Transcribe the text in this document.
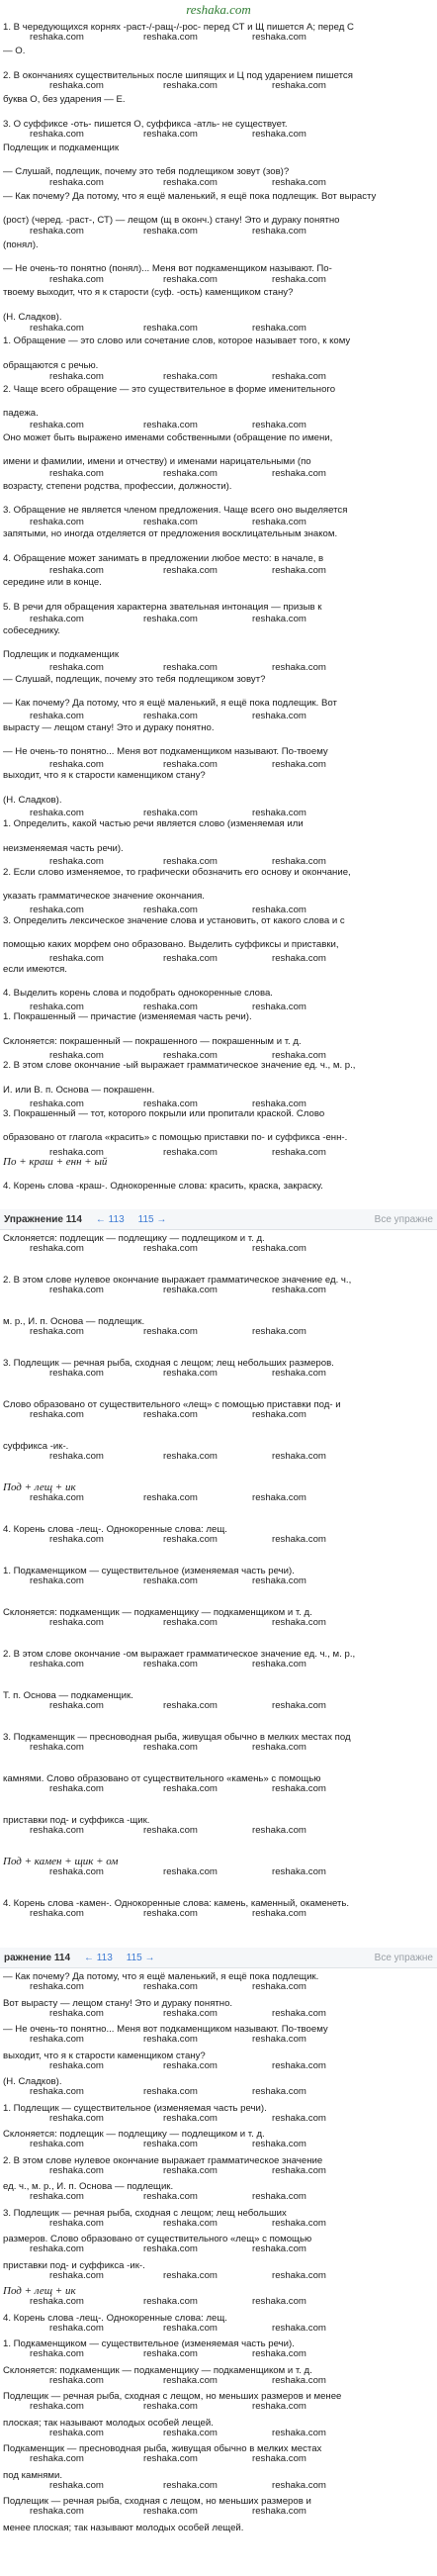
reshaka.com
1. В чередующихся корнях -раст-/-ращ-/-рос- перед СТ и Щ пишется А; перед С
— О.
2. В окончаниях существительных после шипящих и Ц под ударением пишется
буква О, без ударения — Е.
3. О суффиксе -оть- пишется О, суффикса -атль- не существует.
Подлещик и подкаменщик
— Слушай, подлещик, почему это тебя подлещиком зовут (зов)?
— Как почему? Да потому, что я ещё маленький, я ещё пока подлещик. Вот вырасту
(рост) (черед. -раст-, СТ) — лещом (щ в оконч.) стану! Это и дураку понятно
(понял).
— Не очень-то понятно (понял)... Меня вот подкаменщиком называют. По-
твоему выходит, что я к старости (суф. -ость) каменщиком стану?
(Н. Сладков).
1. Обращение — это слово или сочетание слов, которое называет того, к кому
обращаются с речью.
2. Чаще всего обращение — это существительное в форме именительного
падежа.
Оно может быть выражено именами собственными (обращение по имени,
имени и фамилии, имени и отчеству) и именами нарицательными (по
возрасту, степени родства, профессии, должности).
3. Обращение не является членом предложения. Чаще всего оно выделяется
запятыми, но иногда отделяется от предложения восклицательным знаком.
4. Обращение может занимать в предложении любое место: в начале, в
середине или в конце.
5. В речи для обращения характерна звательная интонация — призыв к
собеседнику.
Подлещик и подкаменщик
— Слушай, подлещик, почему это тебя подлещиком зовут?
— Как почему? Да потому, что я ещё маленький, я ещё пока подлещик. Вот
вырасту — лещом стану! Это и дураку понятно.
— Не очень-то понятно... Меня вот подкаменщиком называют. По-твоему
выходит, что я к старости каменщиком стану?
(Н. Сладков).
1. Определить, какой частью речи является слово (изменяемая или
неизменяемая часть речи).
2. Если слово изменяемое, то графически обозначить его основу и окончание,
указать грамматическое значение окончания.
3. Определить лексическое значение слова и установить, от какого слова и с
помощью каких морфем оно образовано. Выделить суффиксы и приставки,
если имеются.
4. Выделить корень слова и подобрать однокоренные слова.
1. Покрашенный — причастие (изменяемая часть речи).
Склоняется: покрашенный — покрашенного — покрашенным и т. д.
2. В этом слове окончание -ый выражает грамматическое значение ед. ч., м. р.,
И. или В. п. Основа — покрашенн.
3. Покрашенный — тот, которого покрыли или пропитали краской. Слово
образовано от глагола «красить» с помощью приставки по- и суффикса -енн-.
По + краш + енн + ый
4. Корень слова -краш-. Однокоренные слова: красить, краска, закраску.
reshaka.com	reshaka.com	reshaka.com
reshaka.com	reshaka.com	reshaka.com
reshaka.com	reshaka.com	reshaka.com
reshaka.com	reshaka.com	reshaka.com
reshaka.com	reshaka.com	reshaka.com
reshaka.com	reshaka.com	reshaka.com
reshaka.com	reshaka.com	reshaka.com
reshaka.com	reshaka.com	reshaka.com
reshaka.com	reshaka.com	reshaka.com
reshaka.com	reshaka.com	reshaka.com
reshaka.com	reshaka.com	reshaka.com
reshaka.com	reshaka.com	reshaka.com
reshaka.com	reshaka.com	reshaka.com
reshaka.com	reshaka.com	reshaka.com
reshaka.com	reshaka.com	reshaka.com
reshaka.com	reshaka.com	reshaka.com
reshaka.com	reshaka.com	reshaka.com
reshaka.com	reshaka.com	reshaka.com
reshaka.com	reshaka.com	reshaka.com
reshaka.com	reshaka.com	reshaka.com
reshaka.com	reshaka.com	reshaka.com
reshaka.com	reshaka.com	reshaka.com
reshaka.com	reshaka.com	reshaka.com
reshaka.com	reshaka.com	reshaka.com
Упражнение 114 ← 113 115 →	Все упражне
Склоняется: подлещик — подлещику — подлещиком и т. д.
2. В этом слове нулевое окончание выражает грамматическое значение ед. ч.,
м. р., И. п. Основа — подлещик.
3. Подлещик — речная рыба, сходная с лещом; лещ небольших размеров.
Слово образовано от существительного «лещ» с помощью приставки под- и
суффикса -ик-.
Под + лещ + ик
4. Корень слова -лещ-. Однокоренные слова: лещ.
1. Подкаменщиком — существительное (изменяемая часть речи).
Склоняется: подкаменщик — подкаменщику — подкаменщиком и т. д.
2. В этом слове окончание -ом выражает грамматическое значение ед. ч., м. р.,
Т. п. Основа — подкаменщик.
3. Подкаменщик — пресноводная рыба, живущая обычно в мелких местах под
камнями. Слово образовано от существительного «камень» с помощью
приставки под- и суффикса -щик.
Под + камен + щик + ом
4. Корень слова -камен-. Однокоренные слова: камень, каменный, окаменеть.
reshaka.com	reshaka.com	reshaka.com
reshaka.com	reshaka.com	reshaka.com
reshaka.com	reshaka.com	reshaka.com
reshaka.com	reshaka.com	reshaka.com
reshaka.com	reshaka.com	reshaka.com
reshaka.com	reshaka.com	reshaka.com
reshaka.com	reshaka.com	reshaka.com
reshaka.com	reshaka.com	reshaka.com
reshaka.com	reshaka.com	reshaka.com
reshaka.com	reshaka.com	reshaka.com
reshaka.com	reshaka.com	reshaka.com
reshaka.com	reshaka.com	reshaka.com
reshaka.com	reshaka.com	reshaka.com
reshaka.com	reshaka.com	reshaka.com
reshaka.com	reshaka.com	reshaka.com
reshaka.com	reshaka.com	reshaka.com
reshaka.com	reshaka.com	reshaka.com
ражнение 114 ← 113 115 →	Все упражне
— Как почему? Да потому, что я ещё маленький, я ещё пока подлещик.
Вот вырасту — лещом стану! Это и дураку понятно.
— Не очень-то понятно... Меня вот подкаменщиком называют. По-твоему
выходит, что я к старости каменщиком стану?
(Н. Сладков).
1. Подлещик — существительное (изменяемая часть речи).
Склоняется: подлещик — подлещику — подлещиком и т. д.
2. В этом слове нулевое окончание выражает грамматическое значение
ед. ч., м. р., И. п. Основа — подлещик.
3. Подлещик — речная рыба, сходная с лещом; лещ небольших
размеров. Слово образовано от существительного «лещ» с помощью
приставки под- и суффикса -ик-.
Под + лещ + ик
4. Корень слова -лещ-. Однокоренные слова: лещ.
1. Подкаменщиком — существительное (изменяемая часть речи).
Склоняется: подкаменщик — подкаменщику — подкаменщиком и т. д.
Подлещик — речная рыба, сходная с лещом, но меньших размеров и менее
плоская; так называют молодых особей лещей.
Подкаменщик — пресноводная рыба, живущая обычно в мелких местах
под камнями.
Подлещик — речная рыба, сходная с лещом, но меньших размеров и
менее плоская; так называют молодых особей лещей.
reshaka.com	reshaka.com	reshaka.com
reshaka.com	reshaka.com	reshaka.com
reshaka.com	reshaka.com	reshaka.com
reshaka.com	reshaka.com	reshaka.com
reshaka.com	reshaka.com	reshaka.com
reshaka.com	reshaka.com	reshaka.com
reshaka.com	reshaka.com	reshaka.com
reshaka.com	reshaka.com	reshaka.com
reshaka.com	reshaka.com	reshaka.com
reshaka.com	reshaka.com	reshaka.com
reshaka.com	reshaka.com	reshaka.com
reshaka.com	reshaka.com	reshaka.com
reshaka.com	reshaka.com	reshaka.com
reshaka.com	reshaka.com	reshaka.com
reshaka.com	reshaka.com	reshaka.com
reshaka.com	reshaka.com	reshaka.com
reshaka.com	reshaka.com	reshaka.com
reshaka.com	reshaka.com	reshaka.com
reshaka.com	reshaka.com	reshaka.com
reshaka.com	reshaka.com	reshaka.com
reshaka.com	reshaka.com	reshaka.com
